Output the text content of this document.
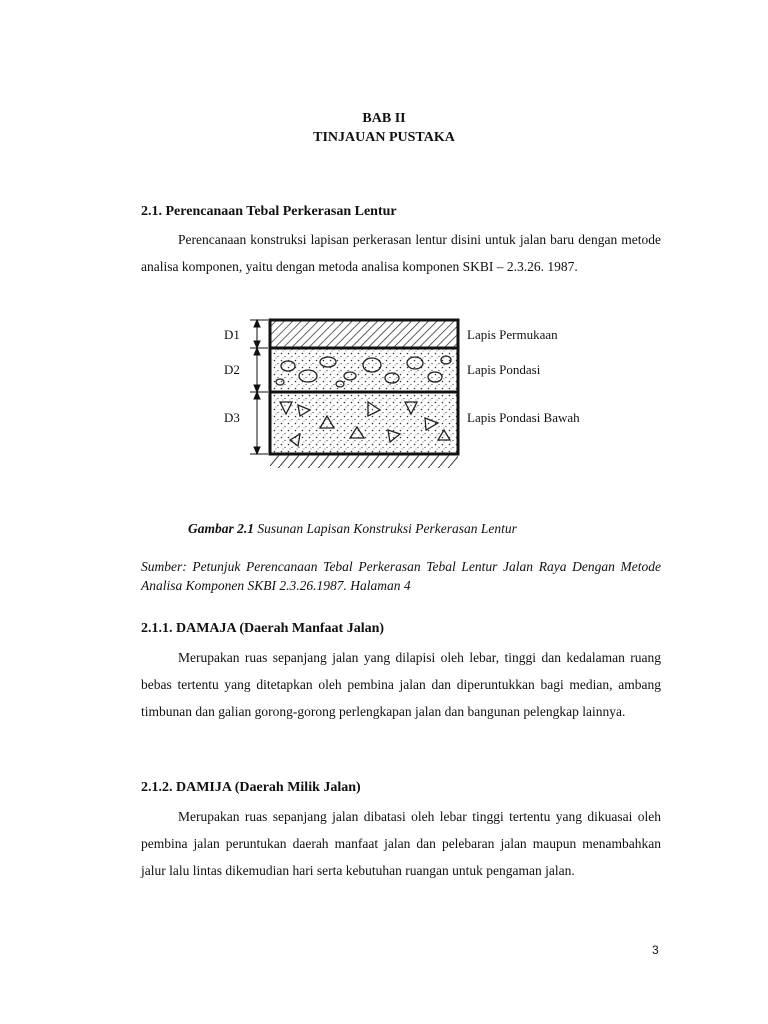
BAB II
TINJAUAN PUSTAKA
2.1. Perencanaan Tebal Perkerasan Lentur

Perencanaan konstruksi lapisan perkerasan lentur disini untuk jalan baru dengan metode analisa komponen, yaitu dengan metoda analisa komponen SKBI – 2.3.26. 1987.

D1
D2
D3
Lapis Permukaan
Lapis Pondasi
Lapis Pondasi Bawah
Gambar 2.1 Susunan Lapisan Konstruksi Perkerasan Lentur

Sumber: Petunjuk Perencanaan Tebal Perkerasan Tebal Lentur Jalan Raya Dengan Metode Analisa Komponen SKBI 2.3.26.1987. Halaman 4

2.1.1. DAMAJA (Daerah Manfaat Jalan)

Merupakan ruas sepanjang jalan yang dilapisi oleh lebar, tinggi dan kedalaman ruang bebas tertentu yang ditetapkan oleh pembina jalan dan diperuntukkan bagi median, ambang timbunan dan galian gorong-gorong perlengkapan jalan dan bangunan pelengkap lainnya.

2.1.2. DAMIJA (Daerah Milik Jalan)

Merupakan ruas sepanjang jalan dibatasi oleh lebar tinggi tertentu yang dikuasai oleh pembina jalan peruntukan daerah manfaat jalan dan pelebaran jalan maupun menambahkan jalur lalu lintas dikemudian hari serta kebutuhan ruangan untuk pengaman jalan.

3
